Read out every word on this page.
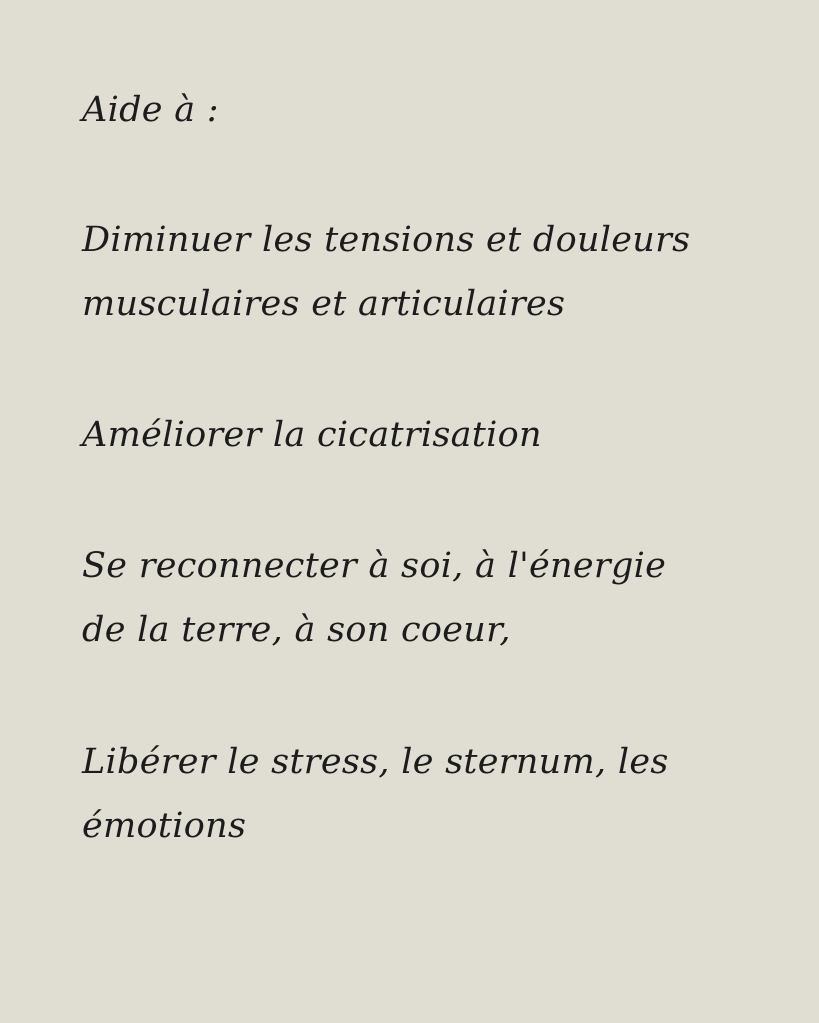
Aide à :

Diminuer les tensions et douleurs

musculaires et articulaires

Améliorer la cicatrisation

Se reconnecter à soi, à l'énergie

de la terre, à son coeur,

Libérer le stress, le sternum, les

émotions
